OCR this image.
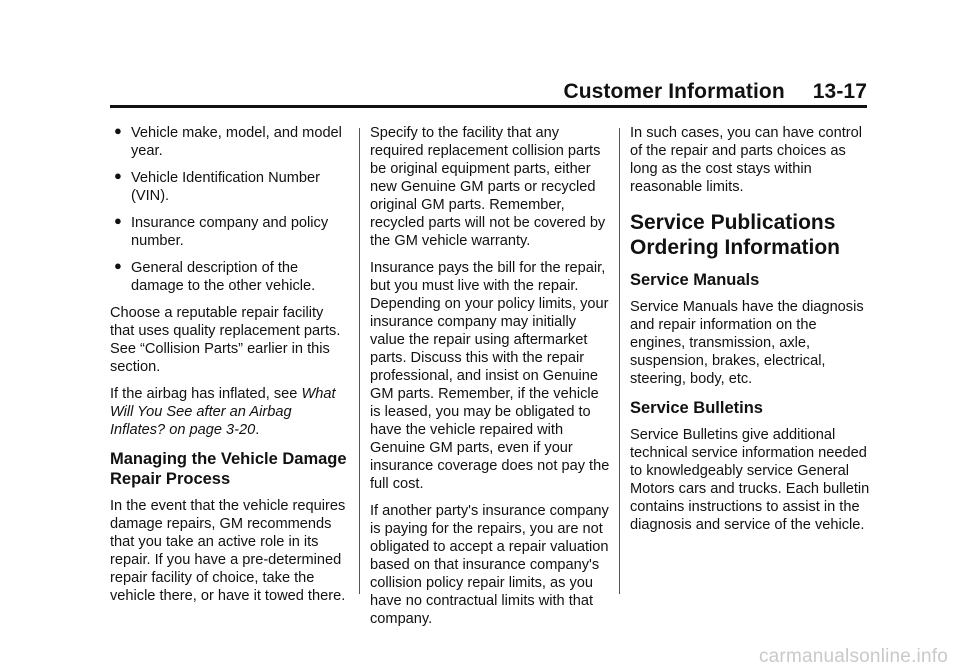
Customer Information 13-17
● Vehicle make, model, and model year.
● Vehicle Identification Number (VIN).
● Insurance company and policy number.
● General description of the damage to the other vehicle.

Choose a reputable repair facility that uses quality replacement parts. See “Collision Parts” earlier in this section.

If the airbag has inflated, see What Will You See after an Airbag Inflates? on page 3-20.

Managing the Vehicle Damage Repair Process

In the event that the vehicle requires damage repairs, GM recommends that you take an active role in its repair. If you have a pre-determined repair facility of choice, take the vehicle there, or have it towed there.

Specify to the facility that any required replacement collision parts be original equipment parts, either new Genuine GM parts or recycled original GM parts. Remember, recycled parts will not be covered by the GM vehicle warranty.

Insurance pays the bill for the repair, but you must live with the repair. Depending on your policy limits, your insurance company may initially value the repair using aftermarket parts. Discuss this with the repair professional, and insist on Genuine GM parts. Remember, if the vehicle is leased, you may be obligated to have the vehicle repaired with Genuine GM parts, even if your insurance coverage does not pay the full cost.

If another party's insurance company is paying for the repairs, you are not obligated to accept a repair valuation based on that insurance company's collision policy repair limits, as you have no contractual limits with that company.

In such cases, you can have control of the repair and parts choices as long as the cost stays within reasonable limits.

Service Publications Ordering Information
Service Manuals

Service Manuals have the diagnosis and repair information on the engines, transmission, axle, suspension, brakes, electrical, steering, body, etc.

Service Bulletins

Service Bulletins give additional technical service information needed to knowledgeably service General Motors cars and trucks. Each bulletin contains instructions to assist in the diagnosis and service of the vehicle.

carmanualsonline.info
